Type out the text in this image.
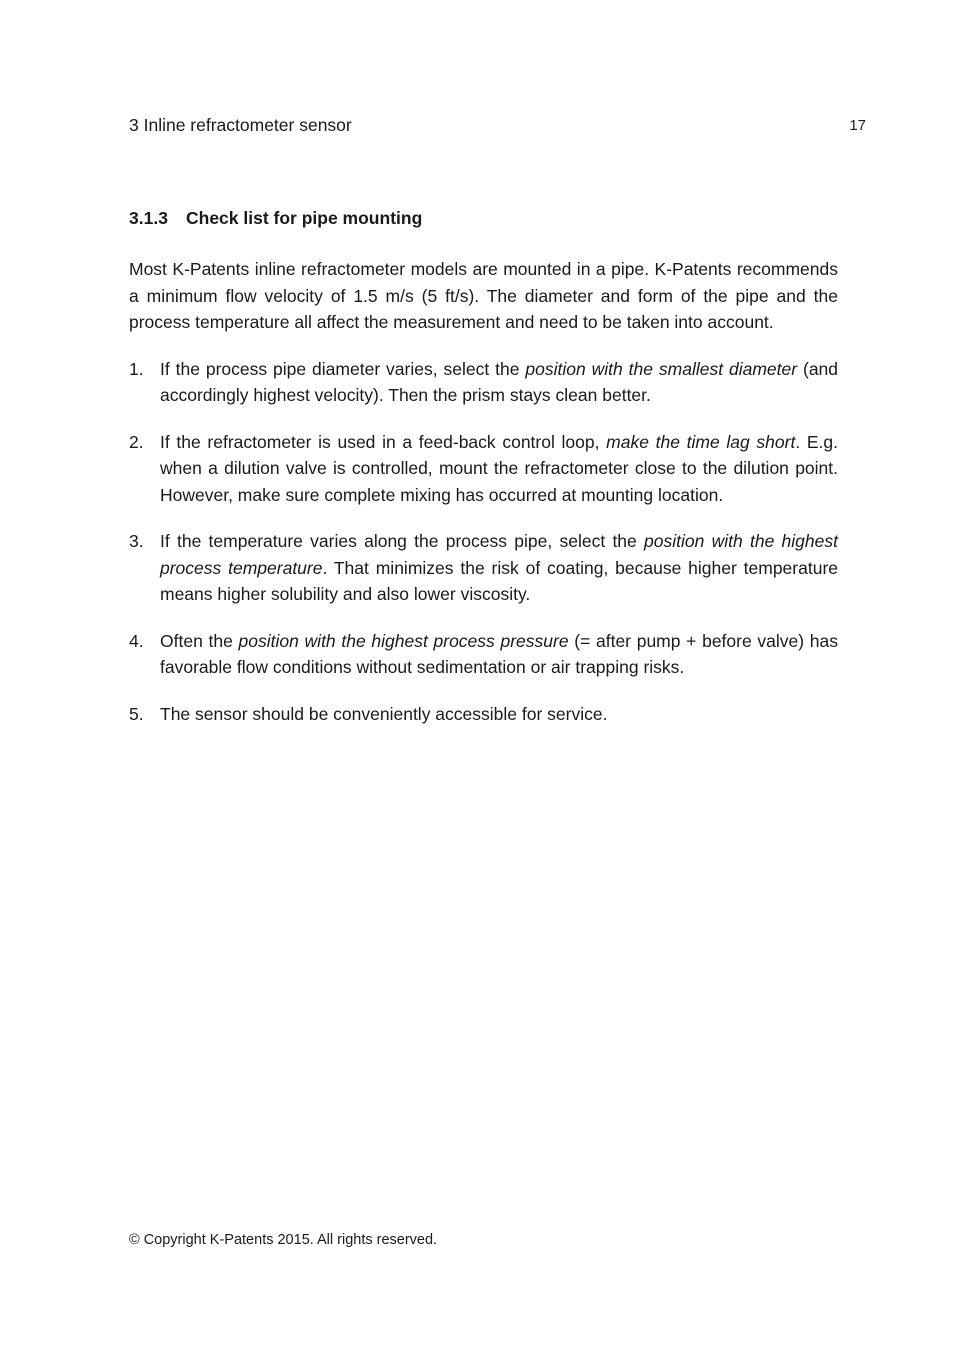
3 Inline refractometer sensor	17
3.1.3 Check list for pipe mounting

Most K-Patents inline refractometer models are mounted in a pipe. K-Patents recommends a minimum flow velocity of 1.5 m/s (5 ft/s). The diameter and form of the pipe and the process temperature all affect the measurement and need to be taken into account.

1. If the process pipe diameter varies, select the position with the smallest diameter (and accordingly highest velocity). Then the prism stays clean better.
2. If the refractometer is used in a feed-back control loop, make the time lag short. E.g. when a dilution valve is controlled, mount the refractometer close to the dilution point. However, make sure complete mixing has occurred at mounting location.
3. If the temperature varies along the process pipe, select the position with the highest process temperature. That minimizes the risk of coating, because higher temperature means higher solubility and also lower viscosity.
4. Often the position with the highest process pressure (= after pump + before valve) has favorable flow conditions without sedimentation or air trapping risks.
5. The sensor should be conveniently accessible for service.
© Copyright K-Patents 2015. All rights reserved.
